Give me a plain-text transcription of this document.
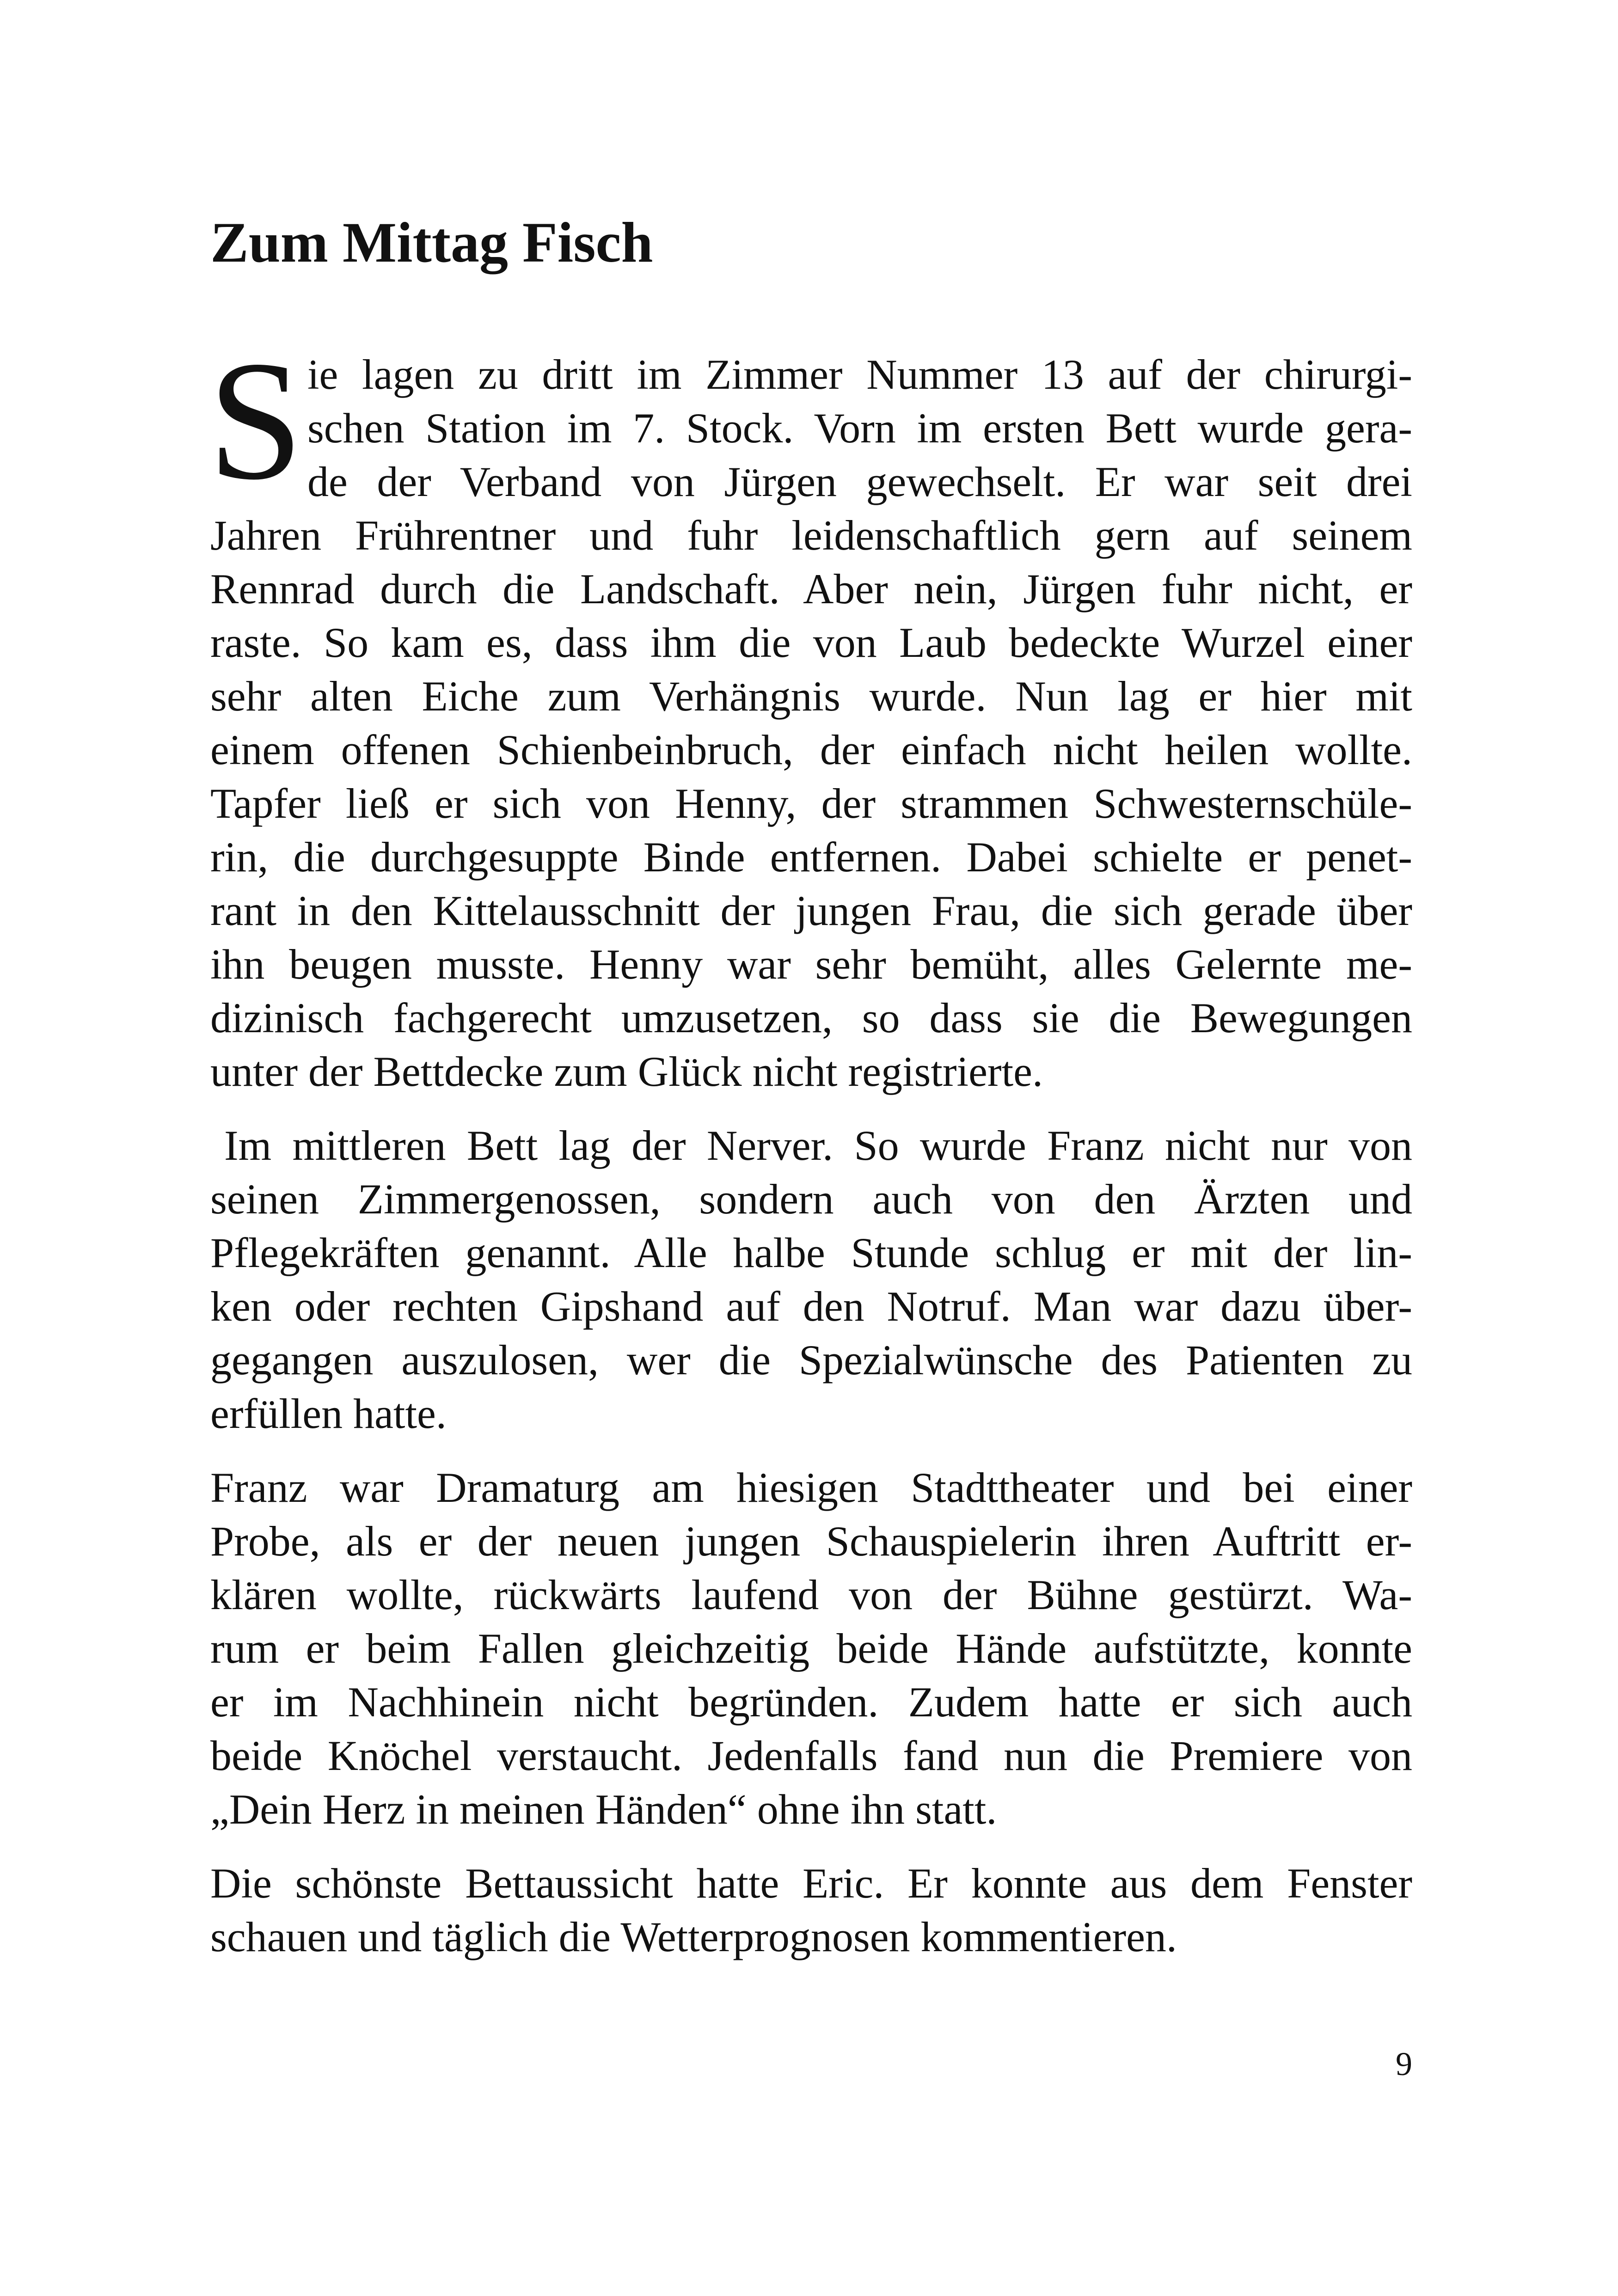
Zum Mittag Fisch
S ie lagen zu dritt im Zimmer Nummer 13 auf der chirurgi-
schen Station im 7. Stock. Vorn im ersten Bett wurde gera-
de der Verband von Jürgen gewechselt. Er war seit drei
Jahren Frührentner und fuhr leidenschaftlich gern auf seinem
Rennrad durch die Landschaft. Aber nein, Jürgen fuhr nicht, er
raste. So kam es, dass ihm die von Laub bedeckte Wurzel einer
sehr alten Eiche zum Verhängnis wurde. Nun lag er hier mit
einem offenen Schienbeinbruch, der einfach nicht heilen wollte.
Tapfer ließ er sich von Henny, der strammen Schwesternschüle-
rin, die durchgesuppte Binde entfernen. Dabei schielte er penet-
rant in den Kittelausschnitt der jungen Frau, die sich gerade über
ihn beugen musste. Henny war sehr bemüht, alles Gelernte me-
dizinisch fachgerecht umzusetzen, so dass sie die Bewegungen
unter der Bettdecke zum Glück nicht registrierte.

Im mittleren Bett lag der Nerver. So wurde Franz nicht nur von
seinen Zimmergenossen, sondern auch von den Ärzten und
Pflegekräften genannt. Alle halbe Stunde schlug er mit der lin-
ken oder rechten Gipshand auf den Notruf. Man war dazu über-
gegangen auszulosen, wer die Spezialwünsche des Patienten zu
erfüllen hatte.

Franz war Dramaturg am hiesigen Stadttheater und bei einer
Probe, als er der neuen jungen Schauspielerin ihren Auftritt er-
klären wollte, rückwärts laufend von der Bühne gestürzt. Wa-
rum er beim Fallen gleichzeitig beide Hände aufstützte, konnte
er im Nachhinein nicht begründen. Zudem hatte er sich auch
beide Knöchel verstaucht. Jedenfalls fand nun die Premiere von
„Dein Herz in meinen Händen“ ohne ihn statt.

Die schönste Bettaussicht hatte Eric. Er konnte aus dem Fenster
schauen und täglich die Wetterprognosen kommentieren.

9
